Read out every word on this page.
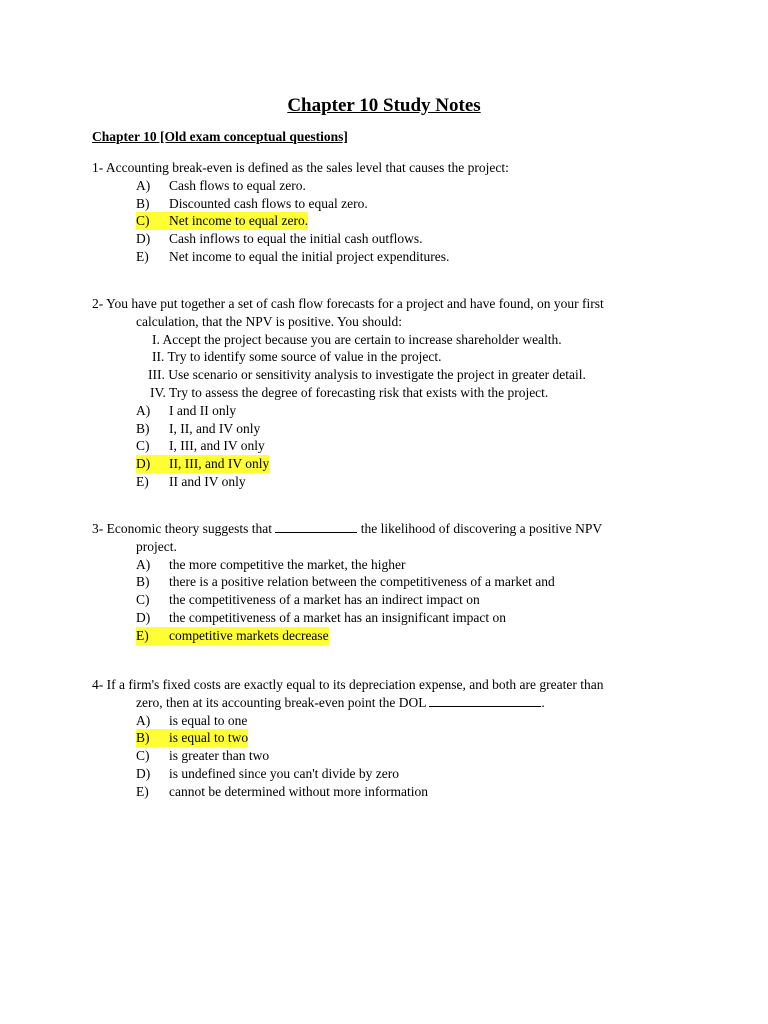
Chapter 10 Study Notes
Chapter 10 [Old exam conceptual questions]
1- Accounting break-even is defined as the sales level that causes the project:
A) Cash flows to equal zero.
B) Discounted cash flows to equal zero.
C) Net income to equal zero.
D) Cash inflows to equal the initial cash outflows.
E) Net income to equal the initial project expenditures.
2- You have put together a set of cash flow forecasts for a project and have found, on your first
calculation, that the NPV is positive. You should:
I. Accept the project because you are certain to increase shareholder wealth.
II. Try to identify some source of value in the project.
III. Use scenario or sensitivity analysis to investigate the project in greater detail.
IV. Try to assess the degree of forecasting risk that exists with the project.
A) I and II only
B) I, II, and IV only
C) I, III, and IV only
D) II, III, and IV only
E) II and IV only
3- Economic theory suggests that	the likelihood of discovering a positive NPV
project.
A) the more competitive the market, the higher
B) there is a positive relation between the competitiveness of a market and
C) the competitiveness of a market has an indirect impact on
D) the competitiveness of a market has an insignificant impact on
E) competitive markets decrease
4- If a firm's fixed costs are exactly equal to its depreciation expense, and both are greater than
zero, then at its accounting break-even point the DOL	.
A) is equal to one
B) is equal to two
C) is greater than two
D) is undefined since you can't divide by zero
E) cannot be determined without more information
